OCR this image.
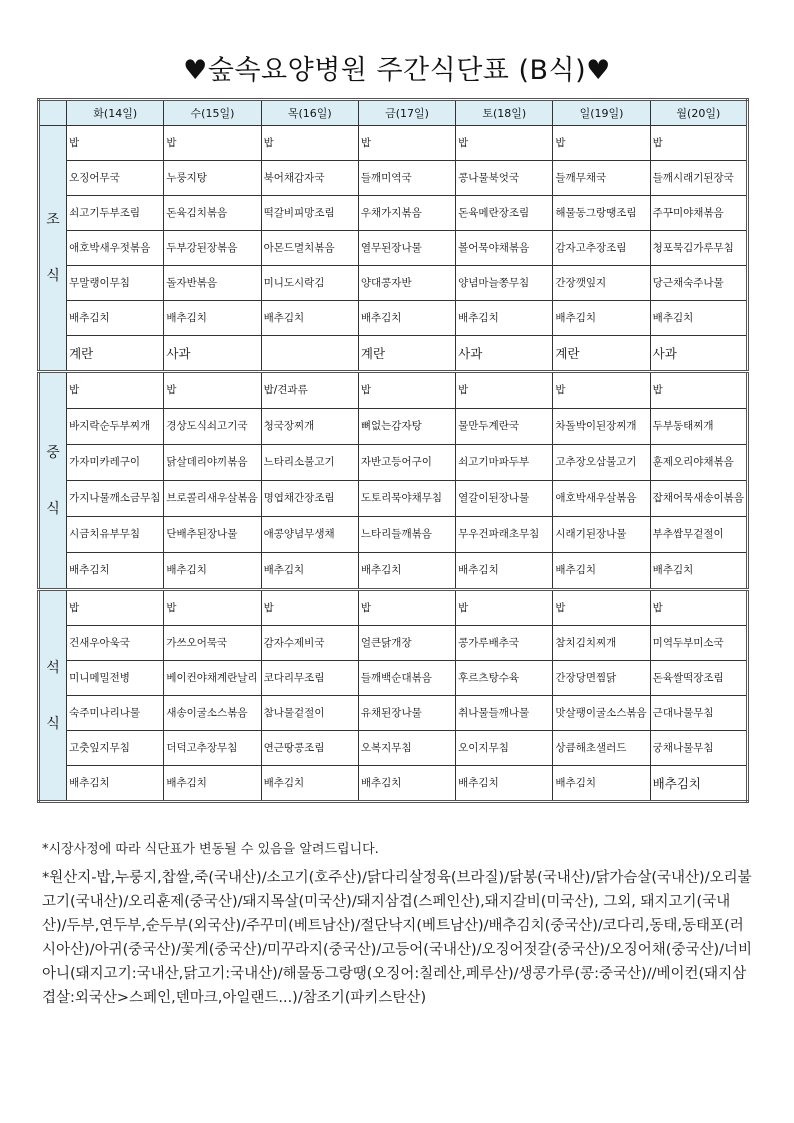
♥숲속요양병원 주간식단표 (B식)♥
	화(14일)	수(15일)	목(16일)	금(17일)	토(18일)	일(19일)	월(20일)
조

식	밥	밥	밥	밥	밥	밥	밥
	오징어무국	누룽지탕	북어채감자국	들깨미역국	콩나물북엇국	들깨무채국	들깨시래기된장국
	쇠고기두부조림	돈육김치볶음	떡갈비피망조림	우채가지볶음	돈육메란장조림	해물동그랑땡조림	주꾸미야채볶음
	애호박새우젓볶음	두부강된장볶음	아몬드멸치볶음	열무된장나물	볼어묵야채볶음	감자고추장조림	청포묵김가루무침
	무말랭이무침	돌자반볶음	미니도시락김	양대콩자반	양념마늘쫑무침	간장깻잎지	당근채숙주나물
	배추김치	배추김치	배추김치	배추김치	배추김치	배추김치	배추김치
	계란	사과		계란	사과	계란	사과
중

식	밥	밥	밥/견과류	밥	밥	밥	밥
	바지락순두부찌개	경상도식쇠고기국	청국장찌개	뼈없는감자탕	물만두계란국	차돌박이된장찌개	두부동태찌개
	가자미카레구이	닭살데리야끼볶음	느타리소불고기	자반고등어구이	쇠고기마파두부	고추장오삼불고기	훈제오리야채볶음
	가지나물깨소금무침	브로콜리새우살볶음	명엽채간장조림	도토리묵야채무침	열갈이된장나물	애호박새우살볶음	잡채어묵새송이볶음
	시금치유부무침	단배추된장나물	애콩양념무생채	느타리들깨볶음	무우건파래초무침	시래기된장나물	부추쌈무겉절이
	배추김치	배추김치	배추김치	배추김치	배추김치	배추김치	배추김치
석

식	밥	밥	밥	밥	밥	밥	밥
	건새우아욱국	가쓰오어묵국	감자수제비국	얼큰닭개장	콩가루배추국	참치김치찌개	미역두부미소국
	미니메밀전병	베이컨야채계란날리	코다리무조림	들깨백순대볶음	후르츠탕수육	간장당면찜닭	돈육쌀떡장조림
	숙주미나리나물	새송이굴소스볶음	참나물겉절이	유채된장나물	취나물들깨나물	맛살팽이굴소스볶음	근대나물무침
	고춧잎지무침	더덕고추장무침	연근땅콩조림	오복지무침	오이지무침	상큼해초샐러드	궁채나물무침
	배추김치	배추김치	배추김치	배추김치	배추김치	배추김치	배추김치
*시장사정에 따라 식단표가 변동될 수 있음을 알려드립니다.
*원산지-밥,누룽지,찹쌀,죽(국내산)/소고기(호주산)/닭다리살정육(브라질)/닭봉(국내산)/닭가슴살(국내산)/오리불고기(국내산)/오리훈제(중국산)/돼지목살(미국산)/돼지삼겹(스페인산),돼지갈비(미국산), 그외, 돼지고기(국내산)/두부,연두부,순두부(외국산)/주꾸미(베트남산)/절단낙지(베트남산)/배추김치(중국산)/코다리,동태,동태포(러시아산)/아귀(중국산)/꽃게(중국산)/미꾸라지(중국산)/고등어(국내산)/오징어젓갈(중국산)/오징어채(중국산)/너비아니(돼지고기:국내산,닭고기:국내산)/해물동그랑땡(오징어:칠레산,페루산)/생콩가루(콩:중국산)//베이컨(돼지삼겹살:외국산>스페인,덴마크,아일랜드...)/참조기(파키스탄산)
